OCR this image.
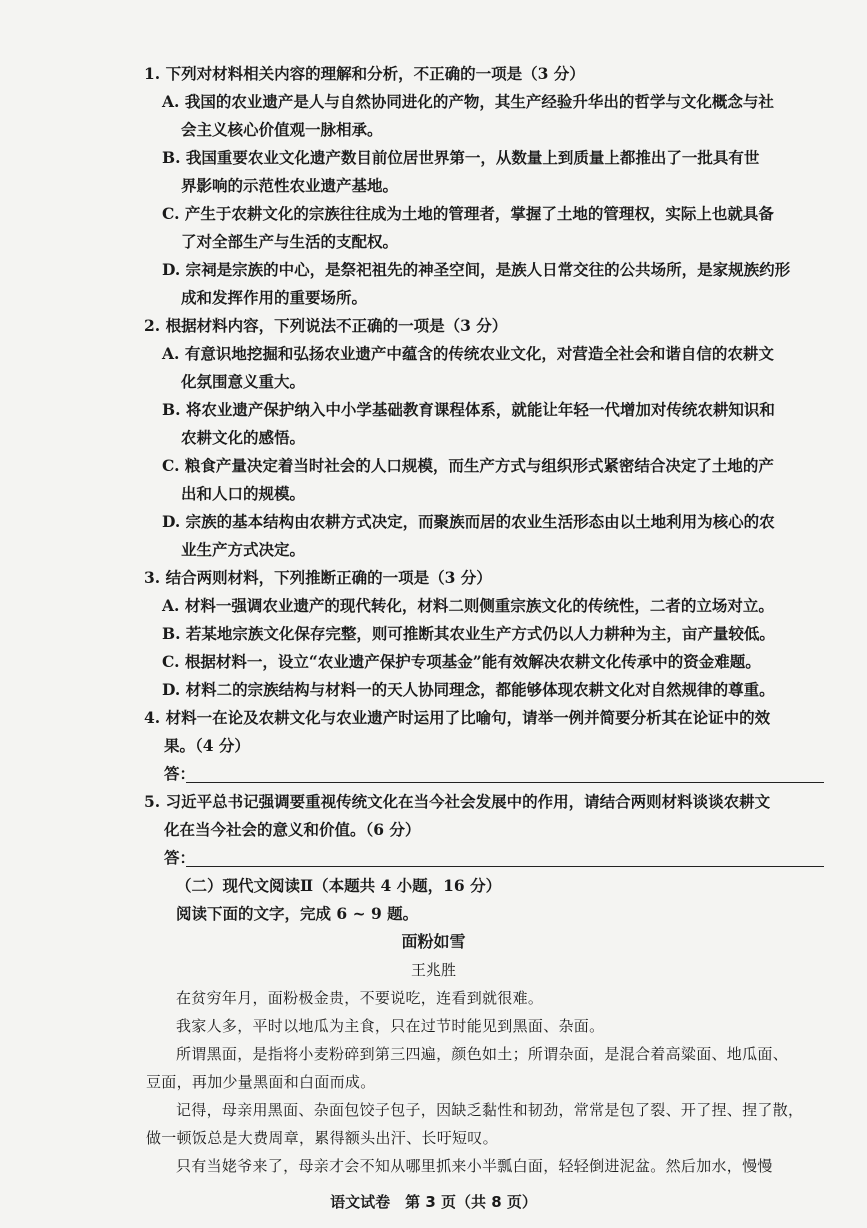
1. 下列对材料相关内容的理解和分析，不正确的一项是（3 分）
A. 我国的农业遗产是人与自然协同进化的产物，其生产经验升华出的哲学与文化概念与社
会主义核心价值观一脉相承。
B. 我国重要农业文化遗产数目前位居世界第一，从数量上到质量上都推出了一批具有世
界影响的示范性农业遗产基地。
C. 产生于农耕文化的宗族往往成为土地的管理者，掌握了土地的管理权，实际上也就具备
了对全部生产与生活的支配权。
D. 宗祠是宗族的中心，是祭祀祖先的神圣空间，是族人日常交往的公共场所，是家规族约形
成和发挥作用的重要场所。
2. 根据材料内容，下列说法不正确的一项是（3 分）
A. 有意识地挖掘和弘扬农业遗产中蕴含的传统农业文化，对营造全社会和谐自信的农耕文
化氛围意义重大。
B. 将农业遗产保护纳入中小学基础教育课程体系，就能让年轻一代增加对传统农耕知识和
农耕文化的感悟。
C. 粮食产量决定着当时社会的人口规模，而生产方式与组织形式紧密结合决定了土地的产
出和人口的规模。
D. 宗族的基本结构由农耕方式决定，而聚族而居的农业生活形态由以土地利用为核心的农
业生产方式决定。
3. 结合两则材料，下列推断正确的一项是（3 分）
A. 材料一强调农业遗产的现代转化，材料二则侧重宗族文化的传统性，二者的立场对立。
B. 若某地宗族文化保存完整，则可推断其农业生产方式仍以人力耕种为主，亩产量较低。
C. 根据材料一，设立“农业遗产保护专项基金”能有效解决农耕文化传承中的资金难题。
D. 材料二的宗族结构与材料一的天人协同理念，都能够体现农耕文化对自然规律的尊重。
4. 材料一在论及农耕文化与农业遗产时运用了比喻句，请举一例并简要分析其在论证中的效
果。（4 分）
答：
5. 习近平总书记强调要重视传统文化在当今社会发展中的作用，请结合两则材料谈谈农耕文
化在当今社会的意义和价值。（6 分）
答：
（二）现代文阅读Ⅱ（本题共 4 小题，16 分）
阅读下面的文字，完成 6 ~ 9 题。
面粉如雪
王兆胜
在贫穷年月，面粉极金贵，不要说吃，连看到就很难。
我家人多，平时以地瓜为主食，只在过节时能见到黑面、杂面。
所谓黑面，是指将小麦粉碎到第三四遍，颜色如土；所谓杂面，是混合着高粱面、地瓜面、
豆面，再加少量黑面和白面而成。
记得，母亲用黑面、杂面包饺子包子，因缺乏黏性和韧劲，常常是包了裂、开了捏、捏了散，
做一顿饭总是大费周章，累得额头出汗、长吁短叹。
只有当姥爷来了，母亲才会不知从哪里抓来小半瓢白面，轻轻倒进泥盆。然后加水，慢慢
语文试卷　第 3 页（共 8 页）
